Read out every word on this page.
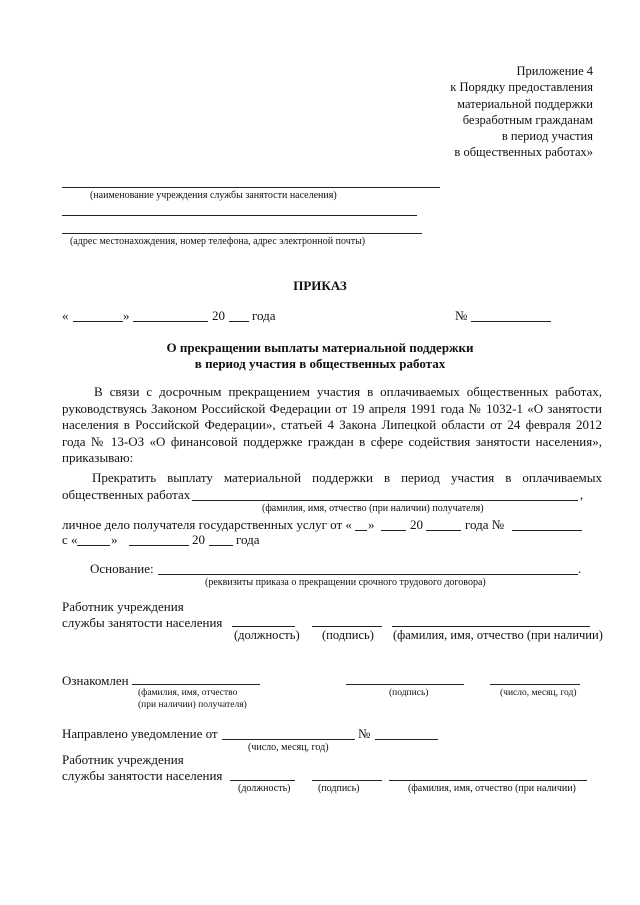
Приложение 4
к Порядку предоставления
материальной поддержки
безработным гражданам
в период участия
в общественных работах»
(наименование учреждения службы занятости населения)
(адрес местонахождения, номер телефона, адрес электронной почты)
ПРИКАЗ
«	»	20 года	№
О прекращении выплаты материальной поддержки
в период участия в общественных работах
В связи с досрочным прекращением участия в оплачиваемых общественных работах, руководствуясь Законом Российской Федерации от 19 апреля 1991 года № 1032-1 «О занятости населения в Российской Федерации», статьей 4 Закона Липецкой области от 24 февраля 2012 года № 13-ОЗ «О финансовой поддержке граждан в сфере содействия занятости населения», приказываю:
Прекратить выплату материальной поддержки в период участия в оплачиваемых
общественных работах	,
(фамилия, имя, отчество (при наличии) получателя)
личное дело получателя государственных услуг от « »	20	года №
с «	»	20 года
Основание:	.
(реквизиты приказа о прекращении срочного трудового договора)
Работник учреждения
службы занятости населения
(должность) (подпись) (фамилия, имя, отчество (при наличии)
Ознакомлен
(фамилия, имя, отчество
(при наличии) получателя)
(подпись)	(число, месяц, год)
Направлено уведомление от	№
(число, месяц, год)
Работник учреждения
службы занятости населения
(должность)	(подпись)	(фамилия, имя, отчество (при наличии)
